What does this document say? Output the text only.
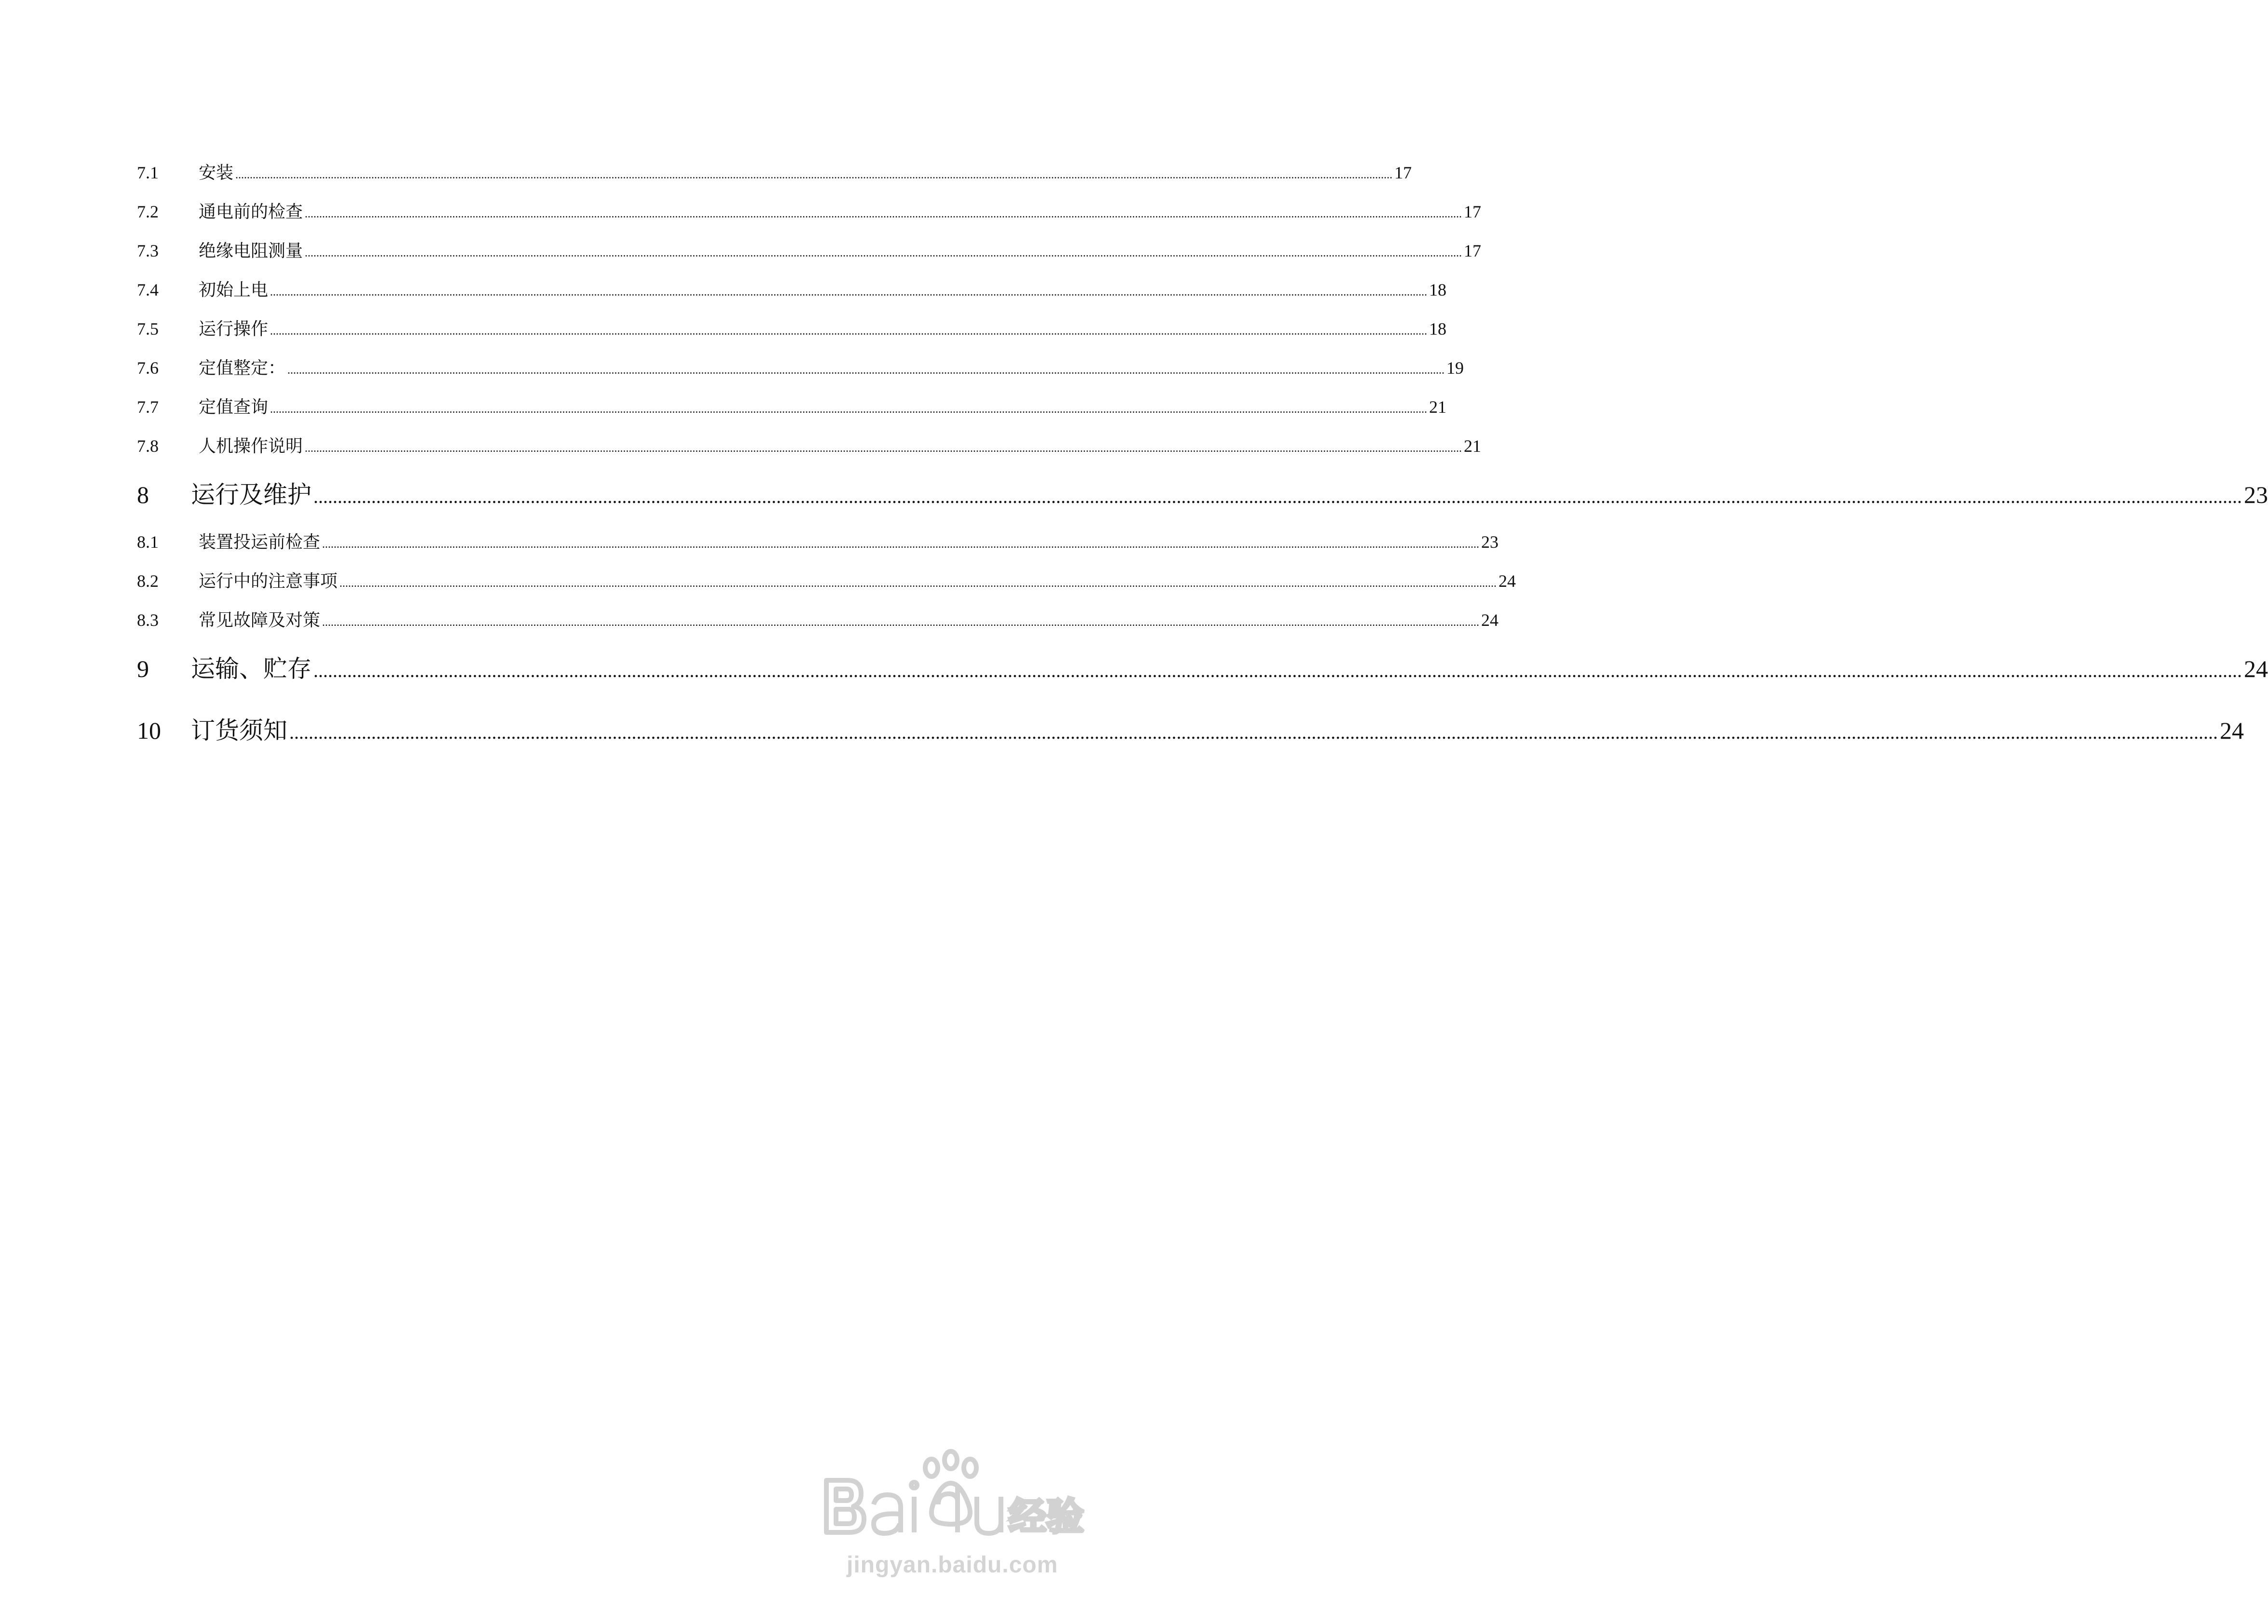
7.1	安装 ................................................................................................................................................................................................................................................................................................................................................................................................................ 17
7.2	通电前的检查 ................................................................................................................................................................................................................................................................................................................................................................................................................ 17
7.3	绝缘电阻测量 ................................................................................................................................................................................................................................................................................................................................................................................................................ 17
7.4	初始上电 ................................................................................................................................................................................................................................................................................................................................................................................................................ 18
7.5	运行操作 ................................................................................................................................................................................................................................................................................................................................................................................................................ 18
7.6	定值整定： ................................................................................................................................................................................................................................................................................................................................................................................................................ 19
7.7	定值查询 ................................................................................................................................................................................................................................................................................................................................................................................................................ 21
7.8	人机操作说明 ................................................................................................................................................................................................................................................................................................................................................................................................................ 21
8	运行及维护 ................................................................................................................................................................................................................................................................................................................................................................................................................ 23
8.1	装置投运前检查 ................................................................................................................................................................................................................................................................................................................................................................................................................ 23
8.2	运行中的注意事项 ................................................................................................................................................................................................................................................................................................................................................................................................................ 24
8.3	常见故障及对策 ................................................................................................................................................................................................................................................................................................................................................................................................................ 24
9	运输、贮存 ................................................................................................................................................................................................................................................................................................................................................................................................................ 24
10	订货须知 ................................................................................................................................................................................................................................................................................................................................................................................................................ 24
经验
jingyan.baidu.com
